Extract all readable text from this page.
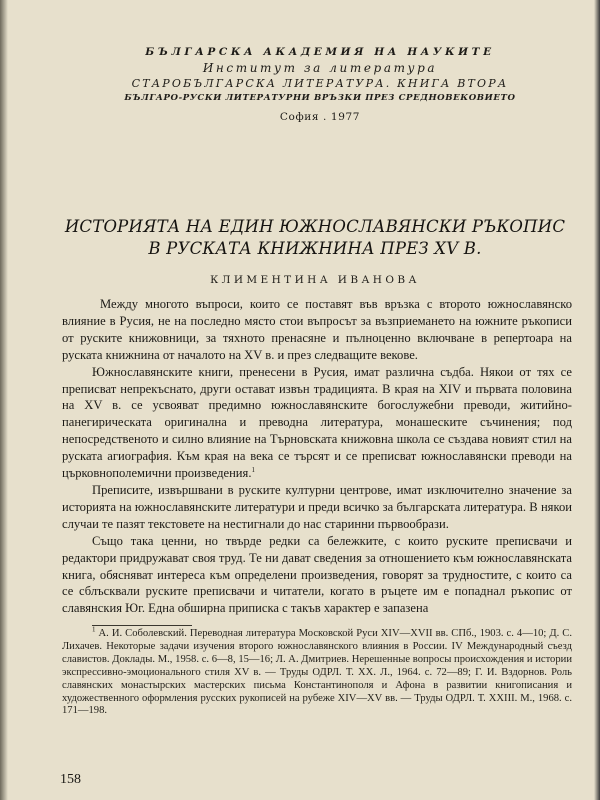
БЪЛГАРСКА АКАДЕМИЯ НА НАУКИТЕ
Институт за литература
СТАРОБЪЛГАРСКА ЛИТЕРАТУРА. КНИГА ВТОРА
БЪЛГАРО-РУСКИ ЛИТЕРАТУРНИ ВРЪЗКИ ПРЕЗ СРЕДНОВЕКОВИЕТО
София . 1977
ИСТОРИЯТА НА ЕДИН ЮЖНОСЛАВЯНСКИ РЪКОПИС
В РУСКАТА КНИЖНИНА ПРЕЗ XV В.
КЛИМЕНТИНА ИВАНОВА

Между многото въпроси, които се поставят във връзка с второто южнославянско влияние в Русия, не на последно място стои въпросът за възприемането на южните ръкописи от руските книжовници, за тяхното пренасяне и пълноценно включване в репертоара на руската книжнина от началото на XV в. и през следващите векове.

Южнославянските книги, пренесени в Русия, имат различна съдба. Някои от тях се преписват непрекъснато, други остават извън традицията. В края на XIV и първата половина на XV в. се усвояват предимно южнославянските богослужебни преводи, житийно-панегирическата оригинална и преводна литература, монашеските съчинения; под непосредственото и силно влияние на Търновската книжовна школа се създава новият стил на руската агиография. Към края на века се търсят и се преписват южнославянски преводи на църковнополемични произведения.$^1$

Преписите, извършвани в руските културни центрове, имат изключително значение за историята на южнославянските литератури и преди всичко за българската литература. В някои случаи те пазят текстовете на нестигнали до нас старинни първообрази.

Също така ценни, но твърде редки са бележките, с които руските преписвачи и редактори придружават своя труд. Те ни дават сведения за отношението към южнославянската книга, обясняват интереса към определени произведения, говорят за трудностите, с които са се сблъсквали руските преписвачи и читатели, когато в ръцете им е попаднал ръкопис от славянския Юг. Една обширна приписка с такъв характер е запазена

$^1$ А. И. Соболевский. Переводная литература Московской Руси XIV—XVII вв. СПб., 1903. с. 4—10; Д. С. Лихачев. Некоторые задачи изучения второго южнославянского влияния в России. IV Международный съезд славистов. Доклады. М., 1958. с. 6—8, 15—16; Л. А. Дмитриев. Нерешенные вопросы происхождения и истории экспрессивно-эмоционального стиля XV в. — Труды ОДРЛ. Т. XX. Л., 1964. с. 72—89; Г. И. Вздорнов. Роль славянских монастырских мастерских письма Константинополя и Афона в развитии книгописания и художественного оформления русских рукописей на рубеже XIV—XV вв. — Труды ОДРЛ. Т. XXIII. М., 1968. с. 171—198.
158
